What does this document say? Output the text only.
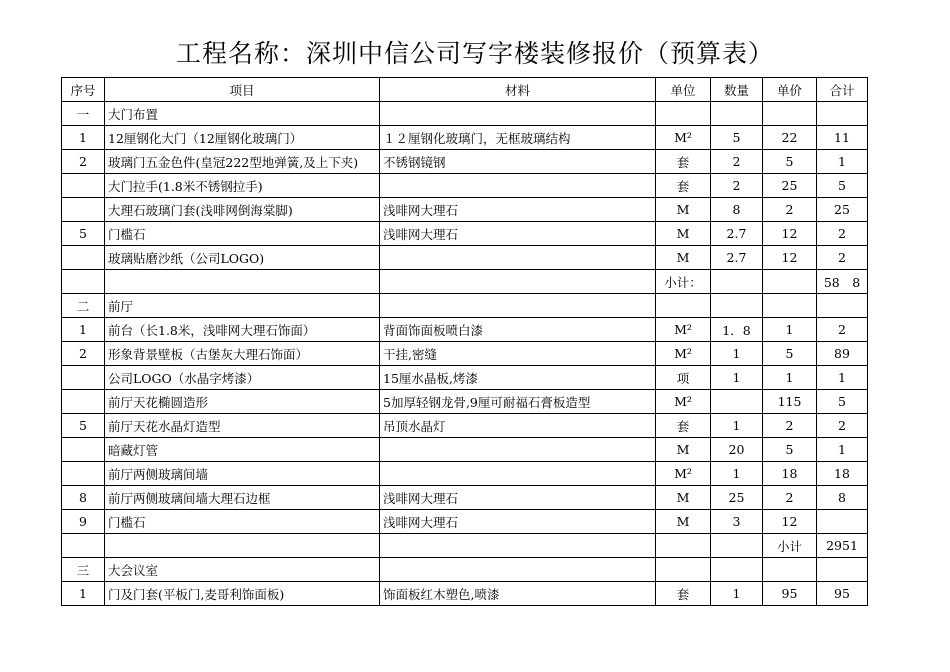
工程名称：深圳中信公司写字楼装修报价（预算表）
序号	项目	材料	单位	数量	单价	合计
一	大门布置					
1	12厘钢化大门（12厘钢化玻璃门）	１２厘钢化玻璃门，无框玻璃结构	M²	5	22	11
2	玻璃门五金色件(皇冠222型地弹簧,及上下夹)	不锈钢镜钢	套	2	5	1
	大门拉手(1.8米不锈钢拉手)		套	2	25	5
	大理石玻璃门套(浅啡网倒海棠脚)	浅啡网大理石	M	8	2	25
5	门槛石	浅啡网大理石	M	2.7	12	2
	玻璃贴磨沙纸（公司LOGO)		M	2.7	12	2
			小计：			58　8
二	前厅					
1	前台（长1.8米，浅啡网大理石饰面）	背面饰面板喷白漆	M²	1．8	1	2
2	形象背景壁板（古堡灰大理石饰面）	干挂,密缝	M²	1	5	89
	公司LOGO（水晶字烤漆）	15厘水晶板,烤漆	项	1	1	1
	前厅天花椭圆造形	5加厚轻钢龙骨,9厘可耐福石膏板造型	M²		115	5
5	前厅天花水晶灯造型	吊顶水晶灯	套	1	2	2
	暗藏灯管		M	20	5	1
	前厅两侧玻璃间墙		M²	1	18	18
8	前厅两侧玻璃间墙大理石边框	浅啡网大理石	M	25	2	8
9	门槛石	浅啡网大理石	M	3	12	
					小计	2951
三	大会议室					
1	门及门套(平板门,麦哥利饰面板)	饰面板红木塑色,喷漆	套	1	95	95
